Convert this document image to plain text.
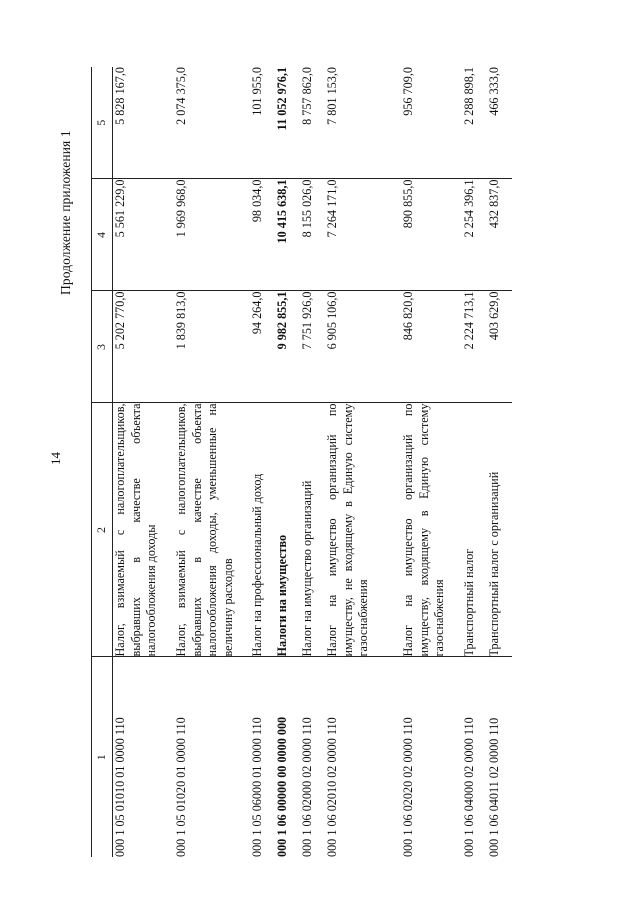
14
Продолжение приложения 1
1	2	3	4	5
000 1 05 01010 01 0000 110	Налог, взимаемый с налогоплательщиков, выбравших в качестве объекта налогообложения доходы	5 202 770,0	5 561 229,0	5 828 167,0
000 1 05 01020 01 0000 110	Налог, взимаемый с налогоплательщиков, выбравших в качестве объекта налогообложения доходы, уменьшенные на величину расходов	1 839 813,0	1 969 968,0	2 074 375,0
000 1 05 06000 01 0000 110	Налог на профессиональный доход	94 264,0	98 034,0	101 955,0
000 1 06 00000 00 0000 000	Налоги на имущество	9 982 855,1	10 415 638,1	11 052 976,1
000 1 06 02000 02 0000 110	Налог на имущество организаций	7 751 926,0	8 155 026,0	8 757 862,0
000 1 06 02010 02 0000 110	Налог на имущество организаций по имуществу, не входящему в Единую систему газоснабжения	6 905 106,0	7 264 171,0	7 801 153,0
000 1 06 02020 02 0000 110	Налог на имущество организаций по имуществу, входящему в Единую систему газоснабжения	846 820,0	890 855,0	956 709,0
000 1 06 04000 02 0000 110	Транспортный налог	2 224 713,1	2 254 396,1	2 288 898,1
000 1 06 04011 02 0000 110	Транспортный налог с организаций	403 629,0	432 837,0	466 333,0
